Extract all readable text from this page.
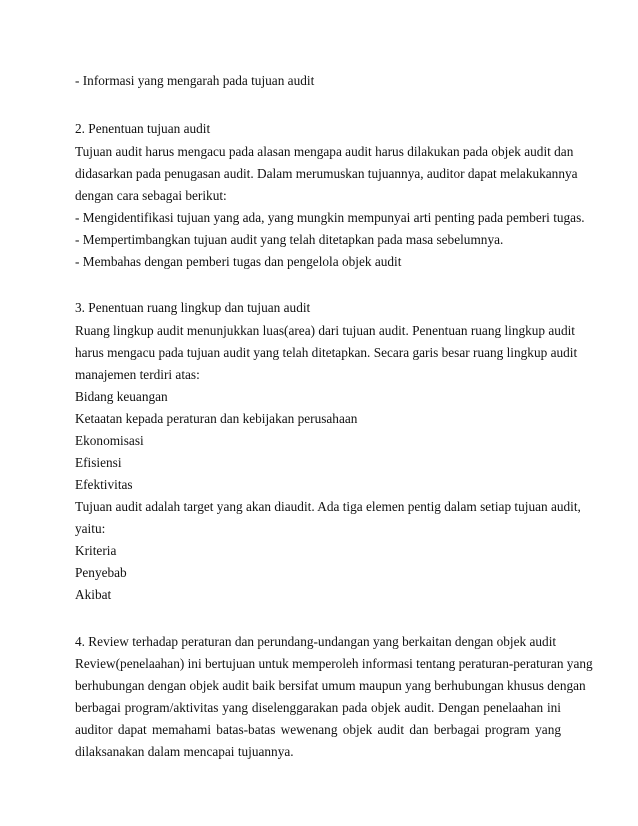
- Informasi yang mengarah pada tujuan audit
2. Penentuan tujuan audit
Tujuan audit harus mengacu pada alasan mengapa audit harus dilakukan pada objek audit dan
didasarkan pada penugasan audit. Dalam merumuskan tujuannya, auditor dapat melakukannya
dengan cara sebagai berikut:
- Mengidentifikasi tujuan yang ada, yang mungkin mempunyai arti penting pada pemberi tugas.
- Mempertimbangkan tujuan audit yang telah ditetapkan pada masa sebelumnya.
- Membahas dengan pemberi tugas dan pengelola objek audit
3. Penentuan ruang lingkup dan tujuan audit
Ruang lingkup audit menunjukkan luas(area) dari tujuan audit. Penentuan ruang lingkup audit
harus mengacu pada tujuan audit yang telah ditetapkan. Secara garis besar ruang lingkup audit
manajemen terdiri atas:
Bidang keuangan
Ketaatan kepada peraturan dan kebijakan perusahaan
Ekonomisasi
Efisiensi
Efektivitas
Tujuan audit adalah target yang akan diaudit. Ada tiga elemen pentig dalam setiap tujuan audit,
yaitu:
Kriteria
Penyebab
Akibat
4. Review terhadap peraturan dan perundang-undangan yang berkaitan dengan objek audit
Review(penelaahan) ini bertujuan untuk memperoleh informasi tentang peraturan-peraturan yang
berhubungan dengan objek audit baik bersifat umum maupun yang berhubungan khusus dengan
berbagai program/aktivitas yang diselenggarakan pada objek audit. Dengan penelaahan ini
auditor dapat memahami batas-batas wewenang objek audit dan berbagai program yang
dilaksanakan dalam mencapai tujuannya.
